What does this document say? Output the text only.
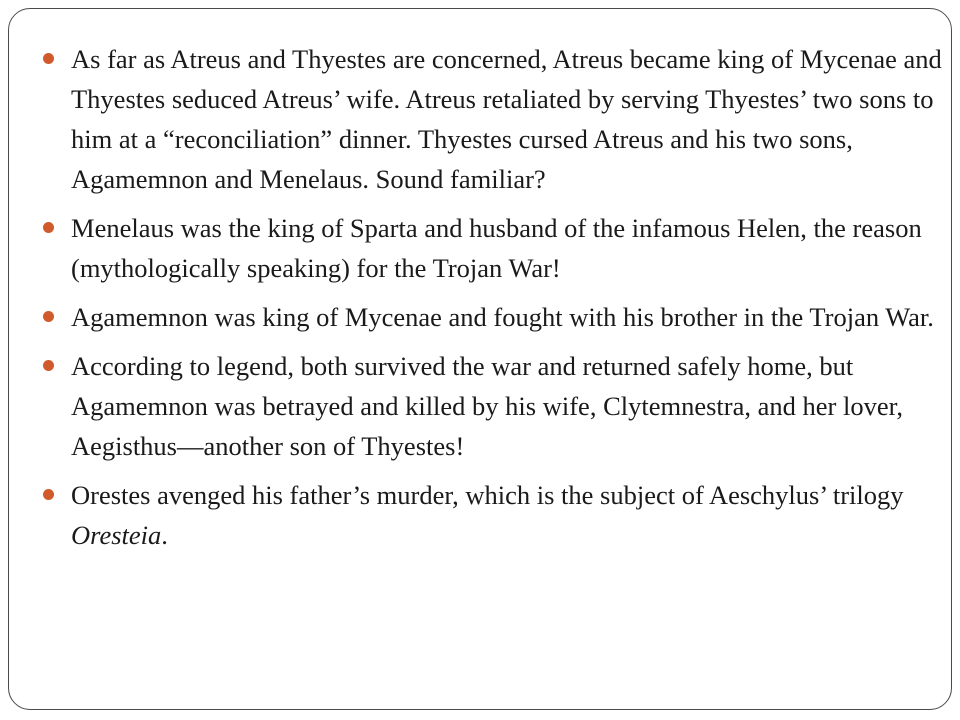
As far as Atreus and Thyestes are concerned, Atreus became king of Mycenae and Thyestes seduced Atreus’ wife. Atreus retaliated by serving Thyestes’ two sons to him at a “reconciliation” dinner. Thyestes cursed Atreus and his two sons, Agamemnon and Menelaus. Sound familiar?
Menelaus was the king of Sparta and husband of the infamous Helen, the reason (mythologically speaking) for the Trojan War!
Agamemnon was king of Mycenae and fought with his brother in the Trojan War.
According to legend, both survived the war and returned safely home, but Agamemnon was betrayed and killed by his wife, Clytemnestra, and her lover, Aegisthus—another son of Thyestes!
Orestes avenged his father’s murder, which is the subject of Aeschylus’ trilogy Oresteia.
